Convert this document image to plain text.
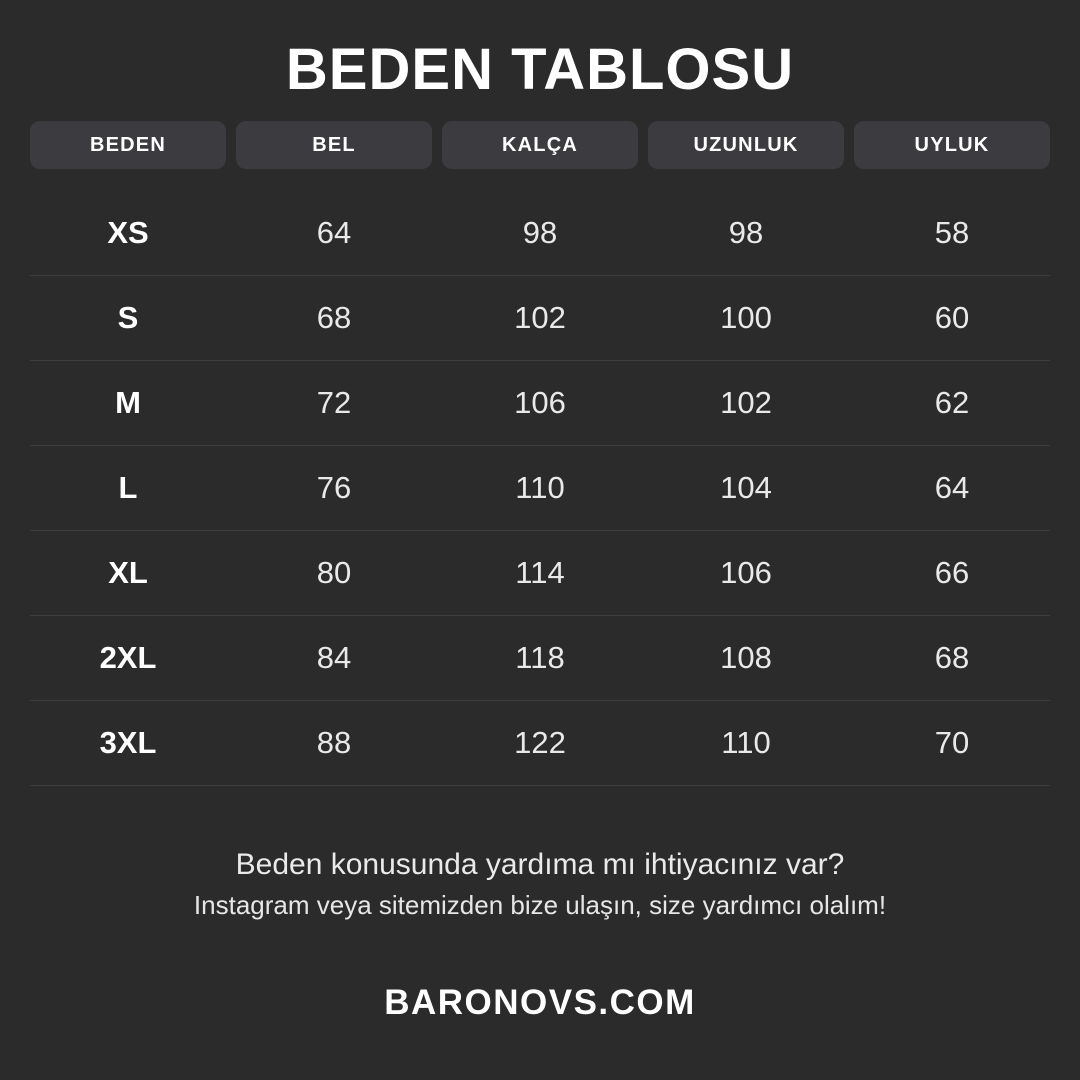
BEDEN TABLOSU
BEDEN	BEL	KALÇA	UZUNLUK	UYLUK
XS	64	98	98	58
S	68	102	100	60
M	72	106	102	62
L	76	110	104	64
XL	80	114	106	66
2XL	84	118	108	68
3XL	88	122	110	70
Beden konusunda yardıma mı ihtiyacınız var?
Instagram veya sitemizden bize ulaşın, size yardımcı olalım!
BARONOVS.COM
